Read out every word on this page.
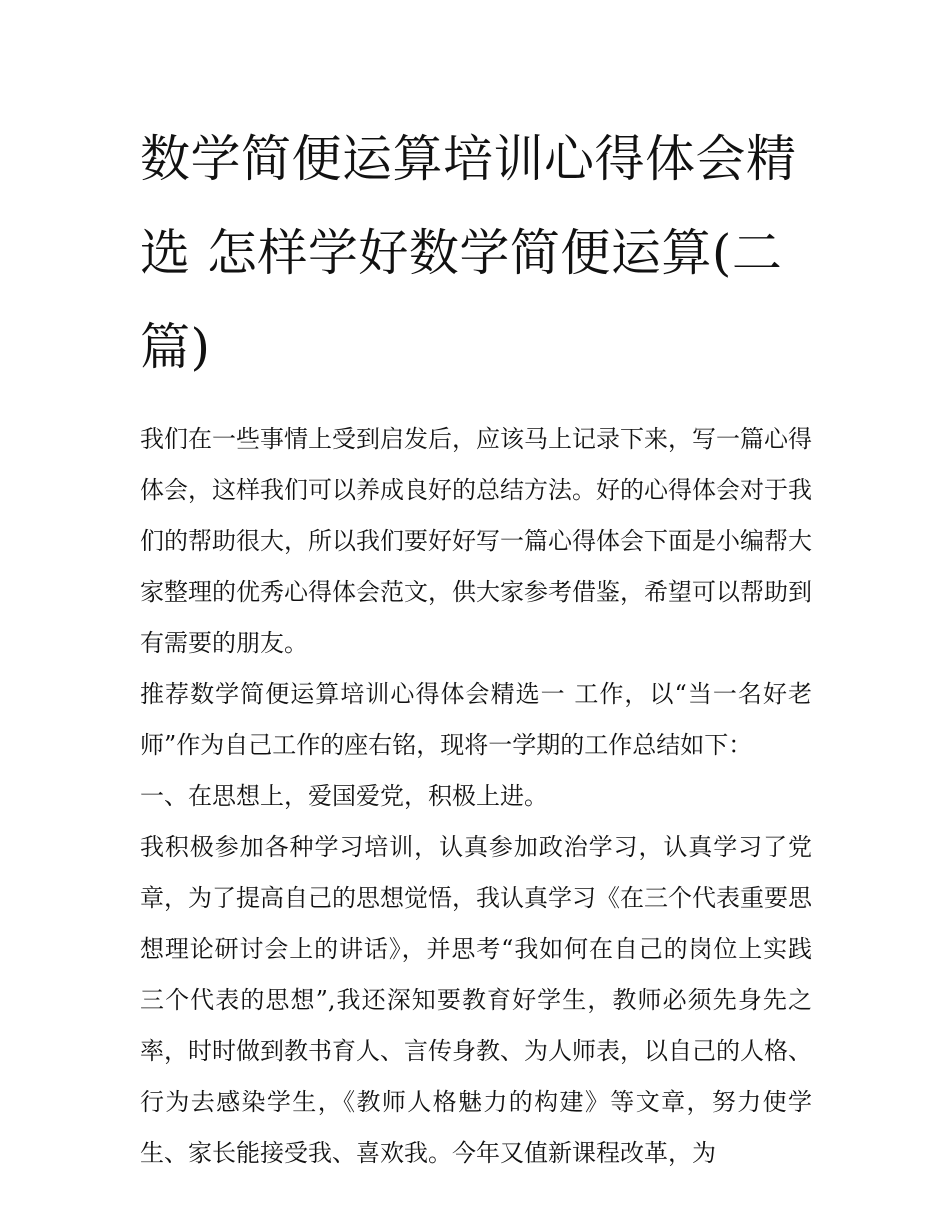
数学简便运算培训心得体会精选 怎样学好数学简便运算(二篇)

我们在一些事情上受到启发后，应该马上记录下来，写一篇心得体会，这样我们可以养成良好的总结方法。好的心得体会对于我们的帮助很大，所以我们要好好写一篇心得体会下面是小编帮大家整理的优秀心得体会范文，供大家参考借鉴，希望可以帮助到有需要的朋友。

推荐数学简便运算培训心得体会精选一 工作，以“当一名好老师”作为自己工作的座右铭，现将一学期的工作总结如下：

一、在思想上，爱国爱党，积极上进。

我积极参加各种学习培训，认真参加政治学习，认真学习了党章，为了提高自己的思想觉悟，我认真学习《在三个代表重要思想理论研讨会上的讲话》，并思考“我如何在自己的岗位上实践三个代表的思想”,我还深知要教育好学生，教师必须先身先之率，时时做到教书育人、言传身教、为人师表，以自己的人格、行为去感染学生，《教师人格魅力的构建》等文章，努力使学生、家长能接受我、喜欢我。今年又值新课程改革，为
